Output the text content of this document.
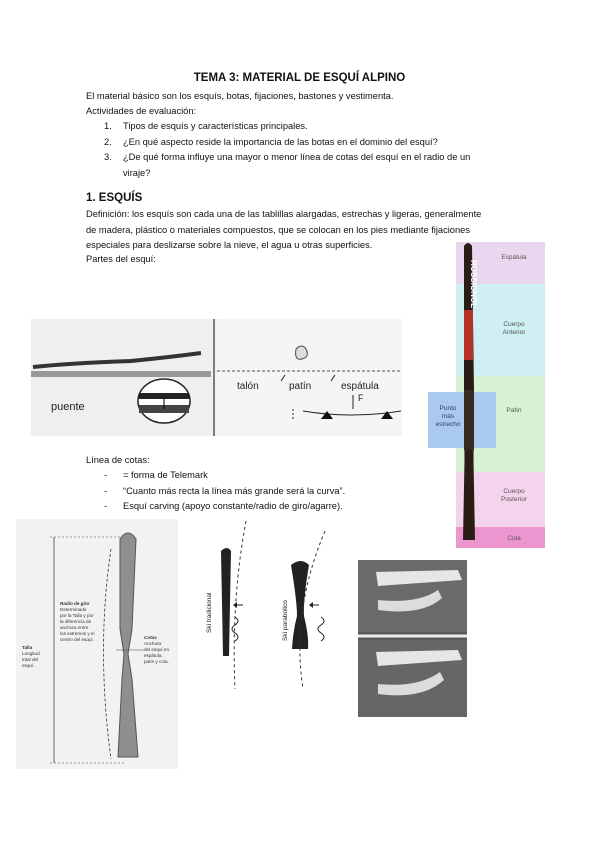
TEMA 3: MATERIAL DE ESQUÍ ALPINO
El material básico son los esquís, botas, fijaciones, bastones y vestimenta.
Actividades de evaluación:
1. Tipos de esquís y características principales.
2. ¿En qué aspecto reside la importancia de las botas en el dominio del esquí?
3. ¿De qué forma influye una mayor o menor línea de cotas del esquí en el radio de un
viraje?
1. ESQUÍS
Definición: los esquís son cada una de las tablillas alargadas, estrechas y ligeras, generalmente
de madera, plástico o materiales compuestos, que se colocan en los pies mediante fijaciones
especiales para deslizarse sobre la nieve, el agua u otras superficies.
Partes del esquí:
ROSSIGNOL
Espátula
Cuerpo Anterior
Patín
Punto más estrecho
Cuerpo Posterior
Cola
puente
talón	patín	espátula
F
Línea de cotas:
- = forma de Telemark
- “Cuanto más recta la línea más grande será la curva”.
- Esquí carving (apoyo constante/radio de giro/agarre).
Talla Longitud total del esquí.
Radio de giro Determinado por la Talla y por la diferencia de anchura entre los extremos y el centro del esquí.	Cotas Anchura del esquí en espátula, patín y cola.
Ski tradicional	Ski parabolico
